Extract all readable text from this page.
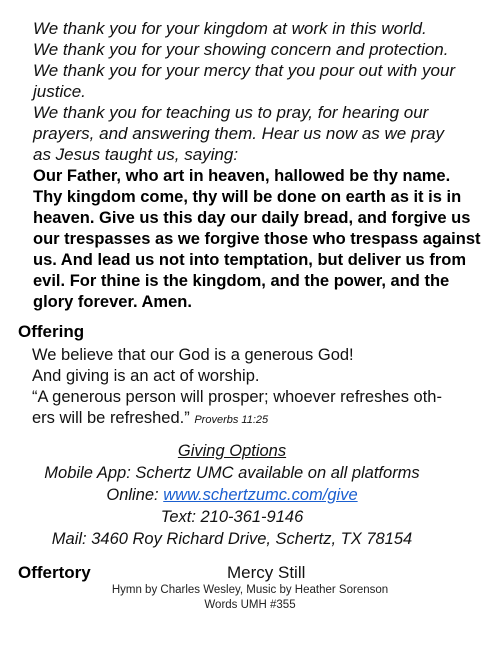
We thank you for your kingdom at work in this world.
We thank you for your showing concern and protection.
We thank you for your mercy that you pour out with your
justice.
We thank you for teaching us to pray, for hearing our
prayers, and answering them. Hear us now as we pray
as Jesus taught us, saying:
Our Father, who art in heaven, hallowed be thy name.
Thy kingdom come, thy will be done on earth as it is in
heaven. Give us this day our daily bread, and forgive us
our trespasses as we forgive those who trespass against
us. And lead us not into temptation, but deliver us from
evil. For thine is the kingdom, and the power, and the
glory forever. Amen.
Offering
We believe that our God is a generous God!
And giving is an act of worship.
“A generous person will prosper; whoever refreshes oth-
ers will be refreshed.” Proverbs 11:25
Giving Options
Mobile App: Schertz UMC available on all platforms
Online: www.schertzumc.com/give
Text: 210-361-9146
Mail: 3460 Roy Richard Drive, Schertz, TX 78154
Offertory	Mercy Still
Hymn by Charles Wesley, Music by Heather Sorenson
Words UMH #355
